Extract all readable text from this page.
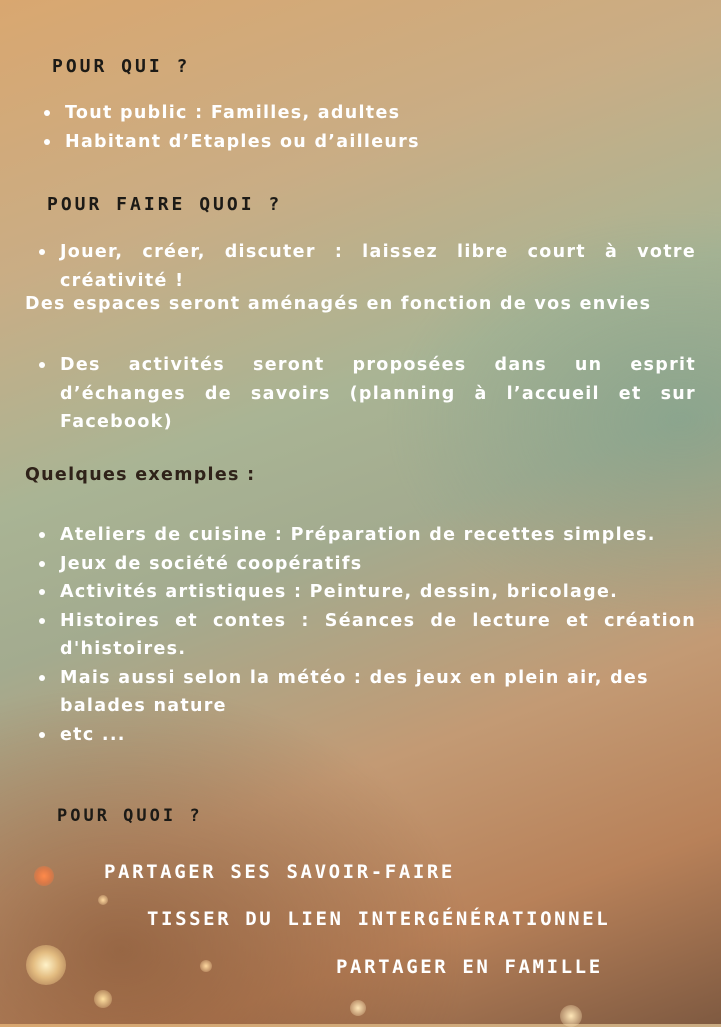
POUR QUI ?
Tout public : Familles, adultes
Habitant d’Etaples ou d’ailleurs
POUR FAIRE QUOI ?
Jouer, créer, discuter : laissez libre court à votre créativité !
Des espaces seront aménagés en fonction de vos envies
Des activités seront proposées dans un esprit d’échanges de savoirs (planning à l’accueil et sur Facebook)
Quelques exemples :
Ateliers de cuisine : Préparation de recettes simples.
Jeux de société coopératifs
Activités artistiques : Peinture, dessin, bricolage.
Histoires et contes : Séances de lecture et création d'histoires.
Mais aussi selon la météo : des jeux en plein air, des balades nature
etc ...
POUR QUOI ?
PARTAGER SES SAVOIR-FAIRE
TISSER DU LIEN INTERGÉNÉRATIONNEL
PARTAGER EN FAMILLE
